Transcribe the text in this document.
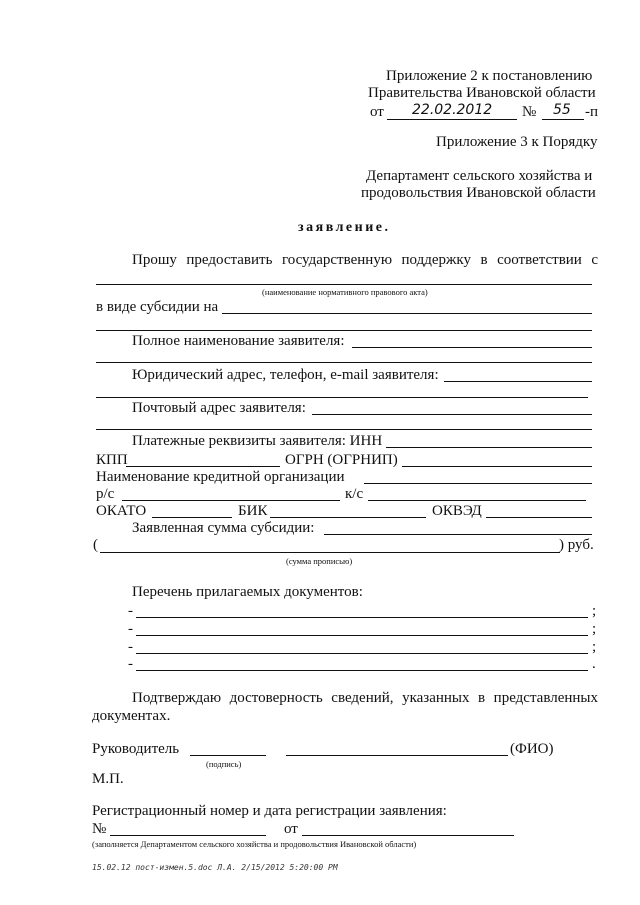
Приложение 2 к постановлению
Правительства Ивановской области
от 22.02.2012 № 55 -п
Приложение 3 к Порядку
Департамент сельского хозяйства и
продовольствия Ивановской области
заявление.
Прошу предоставить государственную поддержку в соответствии с
(наименование нормативного правового акта)
в виде субсидии на
Полное наименование заявителя:
Юридический адрес, телефон, e-mail заявителя:
Почтовый адрес заявителя:
Платежные реквизиты заявителя: ИНН
КПП	ОГРН (ОГРНИП)
Наименование кредитной организации
р/с	к/с
ОКАТО	БИК	ОКВЭД
Заявленная сумма субсидии:
(	) руб.
(сумма прописью)
Перечень прилагаемых документов:
-	;
-	;
-	;
-	.
Подтверждаю достоверность сведений, указанных в представленных
документах.
Руководитель
(подпись)
(ФИО)
М.П.
Регистрационный номер и дата регистрации заявления:
№	от
(заполняется Департаментом сельского хозяйства и продовольствия Ивановской области)
15.02.12 пост-измен.5.doc Л.А. 2/15/2012 5:20:00 PM
